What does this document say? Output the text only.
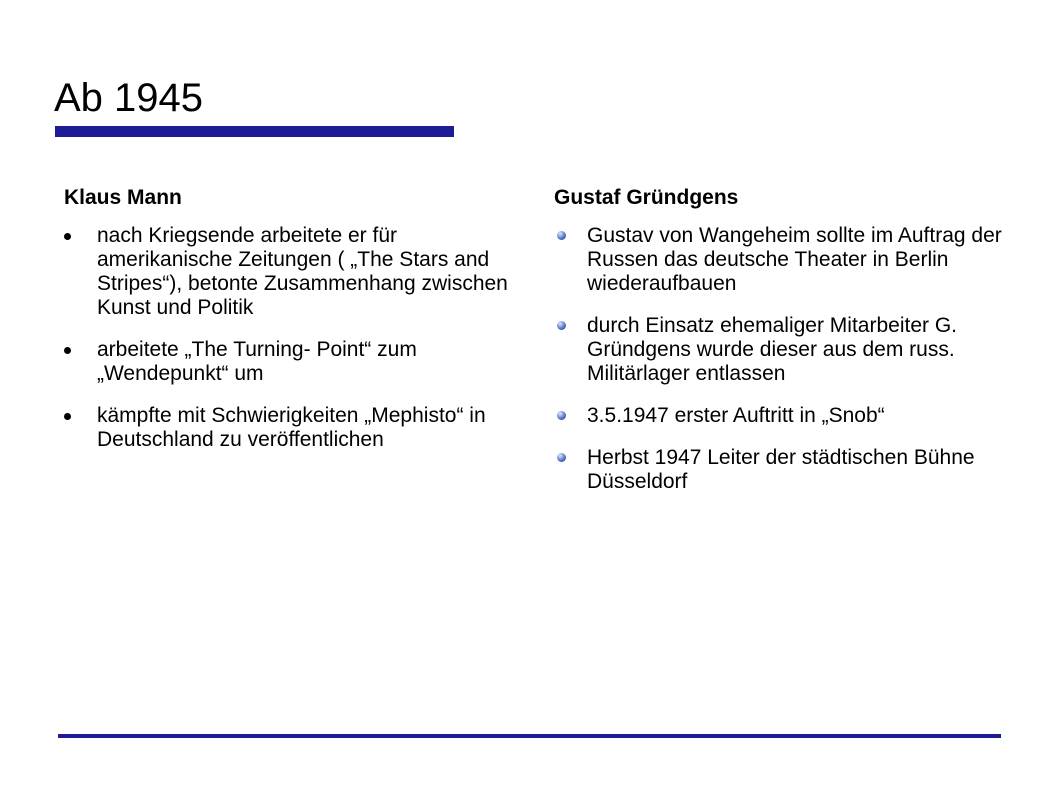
Ab 1945

Klaus Mann

nach Kriegsende arbeitete er für amerikanische Zeitungen ( „The Stars and Stripes“), betonte Zusammenhang zwischen Kunst und Politik
arbeitete „The Turning- Point“ zum „Wendepunkt“ um
kämpfte mit Schwierigkeiten „Mephisto“ in Deutschland zu veröffentlichen

Gustaf Gründgens

Gustav von Wangeheim sollte im Auftrag der Russen das deutsche Theater in Berlin wiederaufbauen
durch Einsatz ehemaliger Mitarbeiter G. Gründgens wurde dieser aus dem russ. Militärlager entlassen
3.5.1947 erster Auftritt in „Snob“
Herbst 1947 Leiter der städtischen Bühne Düsseldorf
